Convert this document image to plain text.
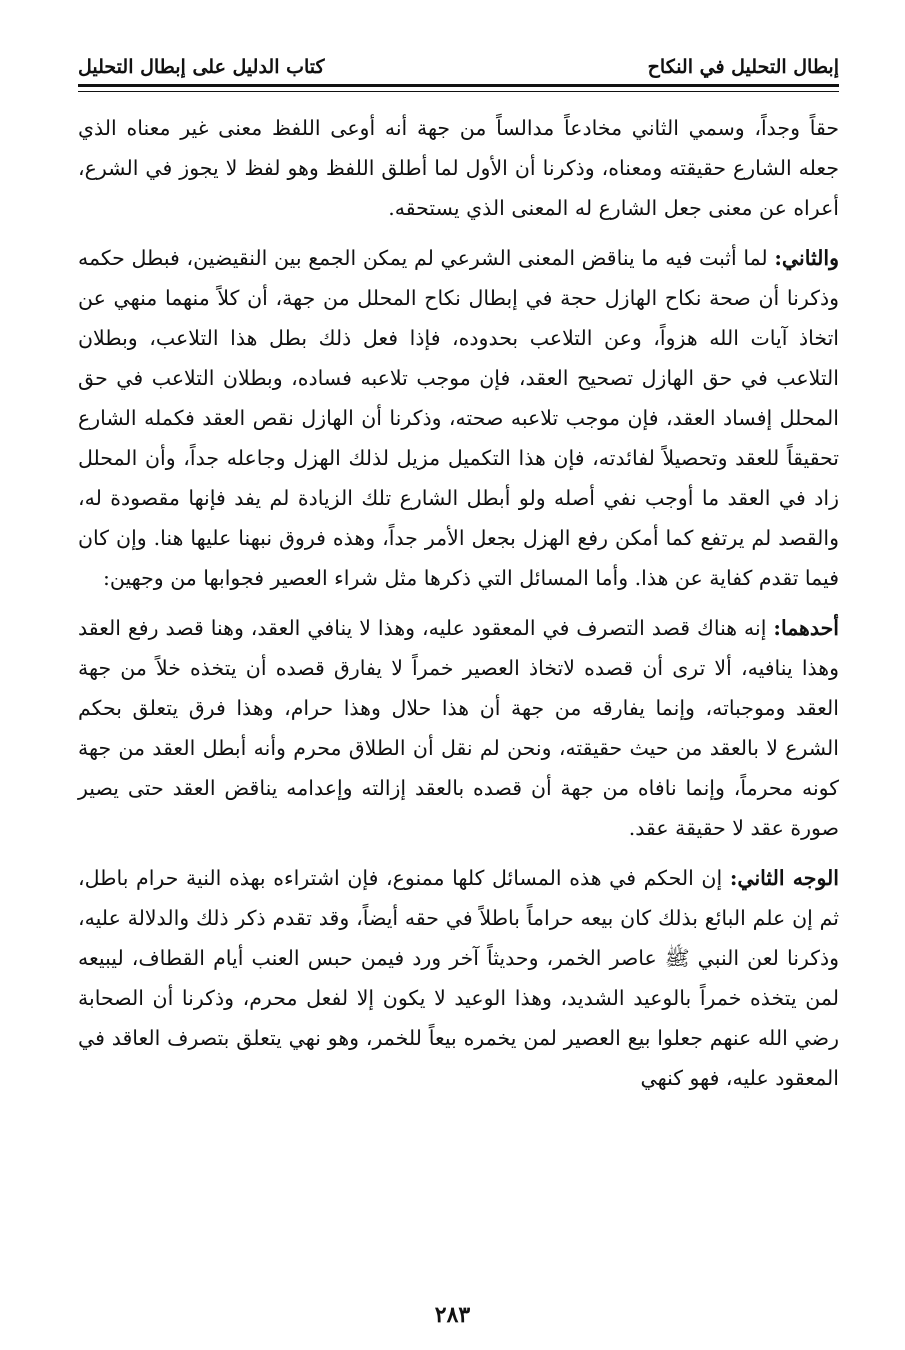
إبطال التحليل في النكاح
كتاب الدليل على إبطال التحليل

حقاً وجداً، وسمي الثاني مخادعاً مدالساً من جهة أنه أوعى اللفظ معنى غير معناه الذي جعله الشارع حقيقته ومعناه، وذكرنا أن الأول لما أطلق اللفظ وهو لفظ لا يجوز في الشرع، أعراه عن معنى جعل الشارع له المعنى الذي يستحقه.

والثاني: لما أثبت فيه ما يناقض المعنى الشرعي لم يمكن الجمع بين النقيضين، فبطل حكمه وذكرنا أن صحة نكاح الهازل حجة في إبطال نكاح المحلل من جهة، أن كلاً منهما منهي عن اتخاذ آيات الله هزواً، وعن التلاعب بحدوده، فإذا فعل ذلك بطل هذا التلاعب، وبطلان التلاعب في حق الهازل تصحيح العقد، فإن موجب تلاعبه فساده، وبطلان التلاعب في حق المحلل إفساد العقد، فإن موجب تلاعبه صحته، وذكرنا أن الهازل نقص العقد فكمله الشارع تحقيقاً للعقد وتحصيلاً لفائدته، فإن هذا التكميل مزيل لذلك الهزل وجاعله جداً، وأن المحلل زاد في العقد ما أوجب نفي أصله ولو أبطل الشارع تلك الزيادة لم يفد فإنها مقصودة له، والقصد لم يرتفع كما أمكن رفع الهزل بجعل الأمر جداً، وهذه فروق نبهنا عليها هنا. وإن كان فيما تقدم كفاية عن هذا. وأما المسائل التي ذكرها مثل شراء العصير فجوابها من وجهين:

أحدهما: إنه هناك قصد التصرف في المعقود عليه، وهذا لا ينافي العقد، وهنا قصد رفع العقد وهذا ينافيه، ألا ترى أن قصده لاتخاذ العصير خمراً لا يفارق قصده أن يتخذه خلاً من جهة العقد وموجباته، وإنما يفارقه من جهة أن هذا حلال وهذا حرام، وهذا فرق يتعلق بحكم الشرع لا بالعقد من حيث حقيقته، ونحن لم نقل أن الطلاق محرم وأنه أبطل العقد من جهة كونه محرماً، وإنما نافاه من جهة أن قصده بالعقد إزالته وإعدامه يناقض العقد حتى يصير صورة عقد لا حقيقة عقد.

الوجه الثاني: إن الحكم في هذه المسائل كلها ممنوع، فإن اشتراءه بهذه النية حرام باطل، ثم إن علم البائع بذلك كان بيعه حراماً باطلاً في حقه أيضاً، وقد تقدم ذكر ذلك والدلالة عليه، وذكرنا لعن النبي ﷺ عاصر الخمر، وحديثاً آخر ورد فيمن حبس العنب أيام القطاف، ليبيعه لمن يتخذه خمراً بالوعيد الشديد، وهذا الوعيد لا يكون إلا لفعل محرم، وذكرنا أن الصحابة رضي الله عنهم جعلوا بيع العصير لمن يخمره بيعاً للخمر، وهو نهي يتعلق بتصرف العاقد في المعقود عليه، فهو كنهي

٢٨٣
